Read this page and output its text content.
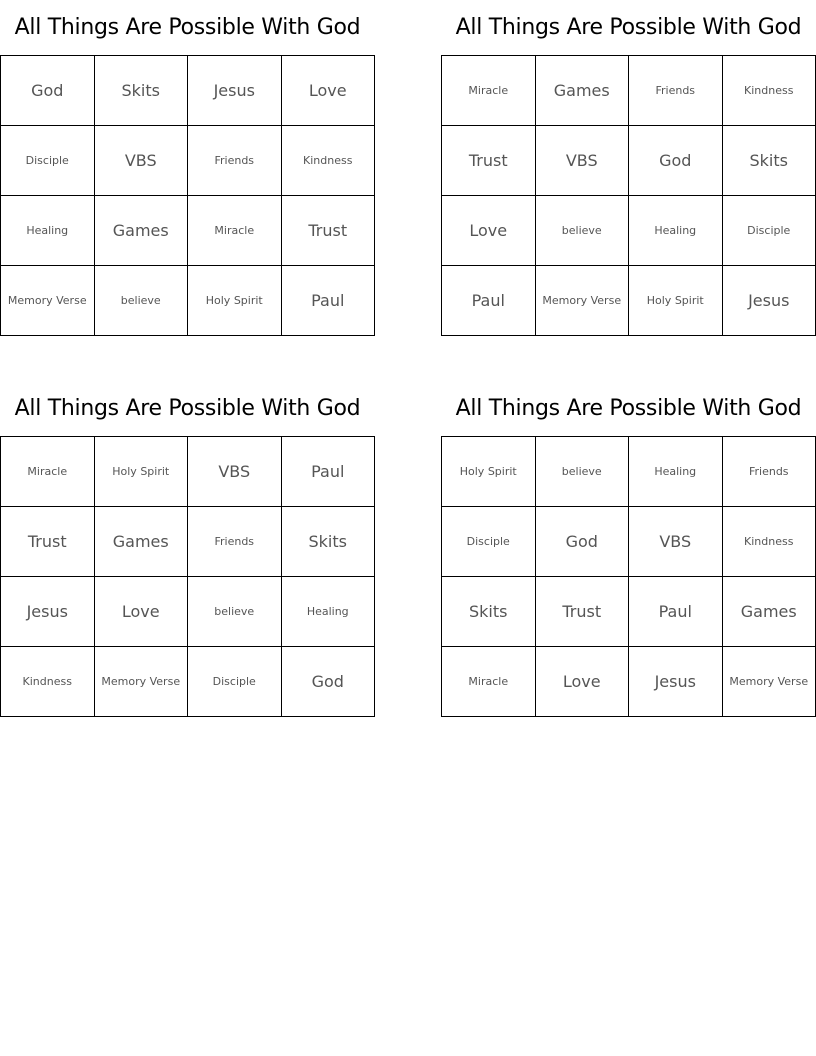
All Things Are Possible With God
God	Skits	Jesus	Love
Disciple	VBS	Friends	Kindness
Healing	Games	Miracle	Trust
Memory Verse	believe	Holy Spirit	Paul
All Things Are Possible With God
Miracle	Games	Friends	Kindness
Trust	VBS	God	Skits
Love	believe	Healing	Disciple
Paul	Memory Verse	Holy Spirit	Jesus
All Things Are Possible With God
Miracle	Holy Spirit	VBS	Paul
Trust	Games	Friends	Skits
Jesus	Love	believe	Healing
Kindness	Memory Verse	Disciple	God
All Things Are Possible With God
Holy Spirit	believe	Healing	Friends
Disciple	God	VBS	Kindness
Skits	Trust	Paul	Games
Miracle	Love	Jesus	Memory Verse
